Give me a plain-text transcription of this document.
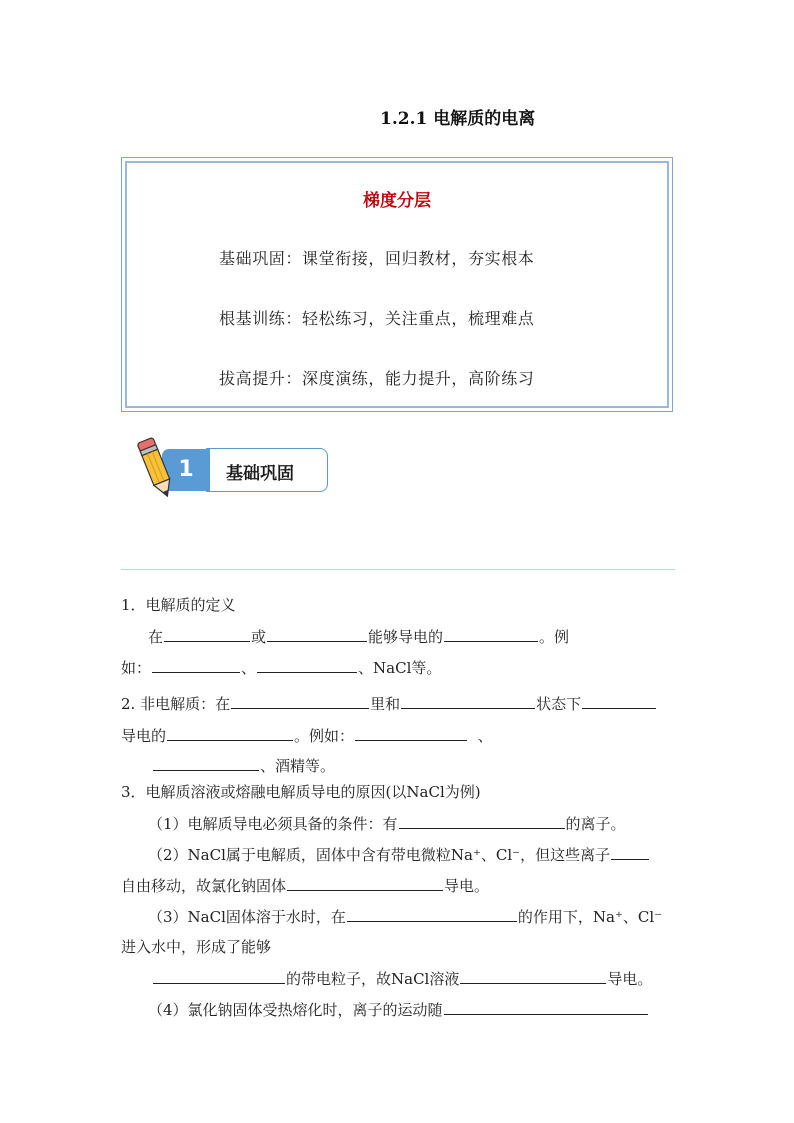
1.2.1 电解质的电离
梯度分层
基础巩固：课堂衔接，回归教材，夯实根本
根基训练：轻松练习，关注重点，梳理难点
拔高提升：深度演练，能力提升，高阶练习
1	基础巩固
1．电解质的定义
在	或	能够导电的	。例
如：	、	、NaCl等。
2. 非电解质：在	里和	状态下
导电的	。例如：	、
、酒精等。
3．电解质溶液或熔融电解质导电的原因(以NaCl为例)
（1）电解质导电必须具备的条件：有	的离子。
（2）NaCl属于电解质，固体中含有带电微粒Na⁺、Cl⁻，但这些离子
自由移动，故氯化钠固体	导电。
（3）NaCl固体溶于水时，在	的作用下，Na⁺、Cl⁻
进入水中，形成了能够
的带电粒子，故NaCl溶液	导电。
（4）氯化钠固体受热熔化时，离子的运动随
